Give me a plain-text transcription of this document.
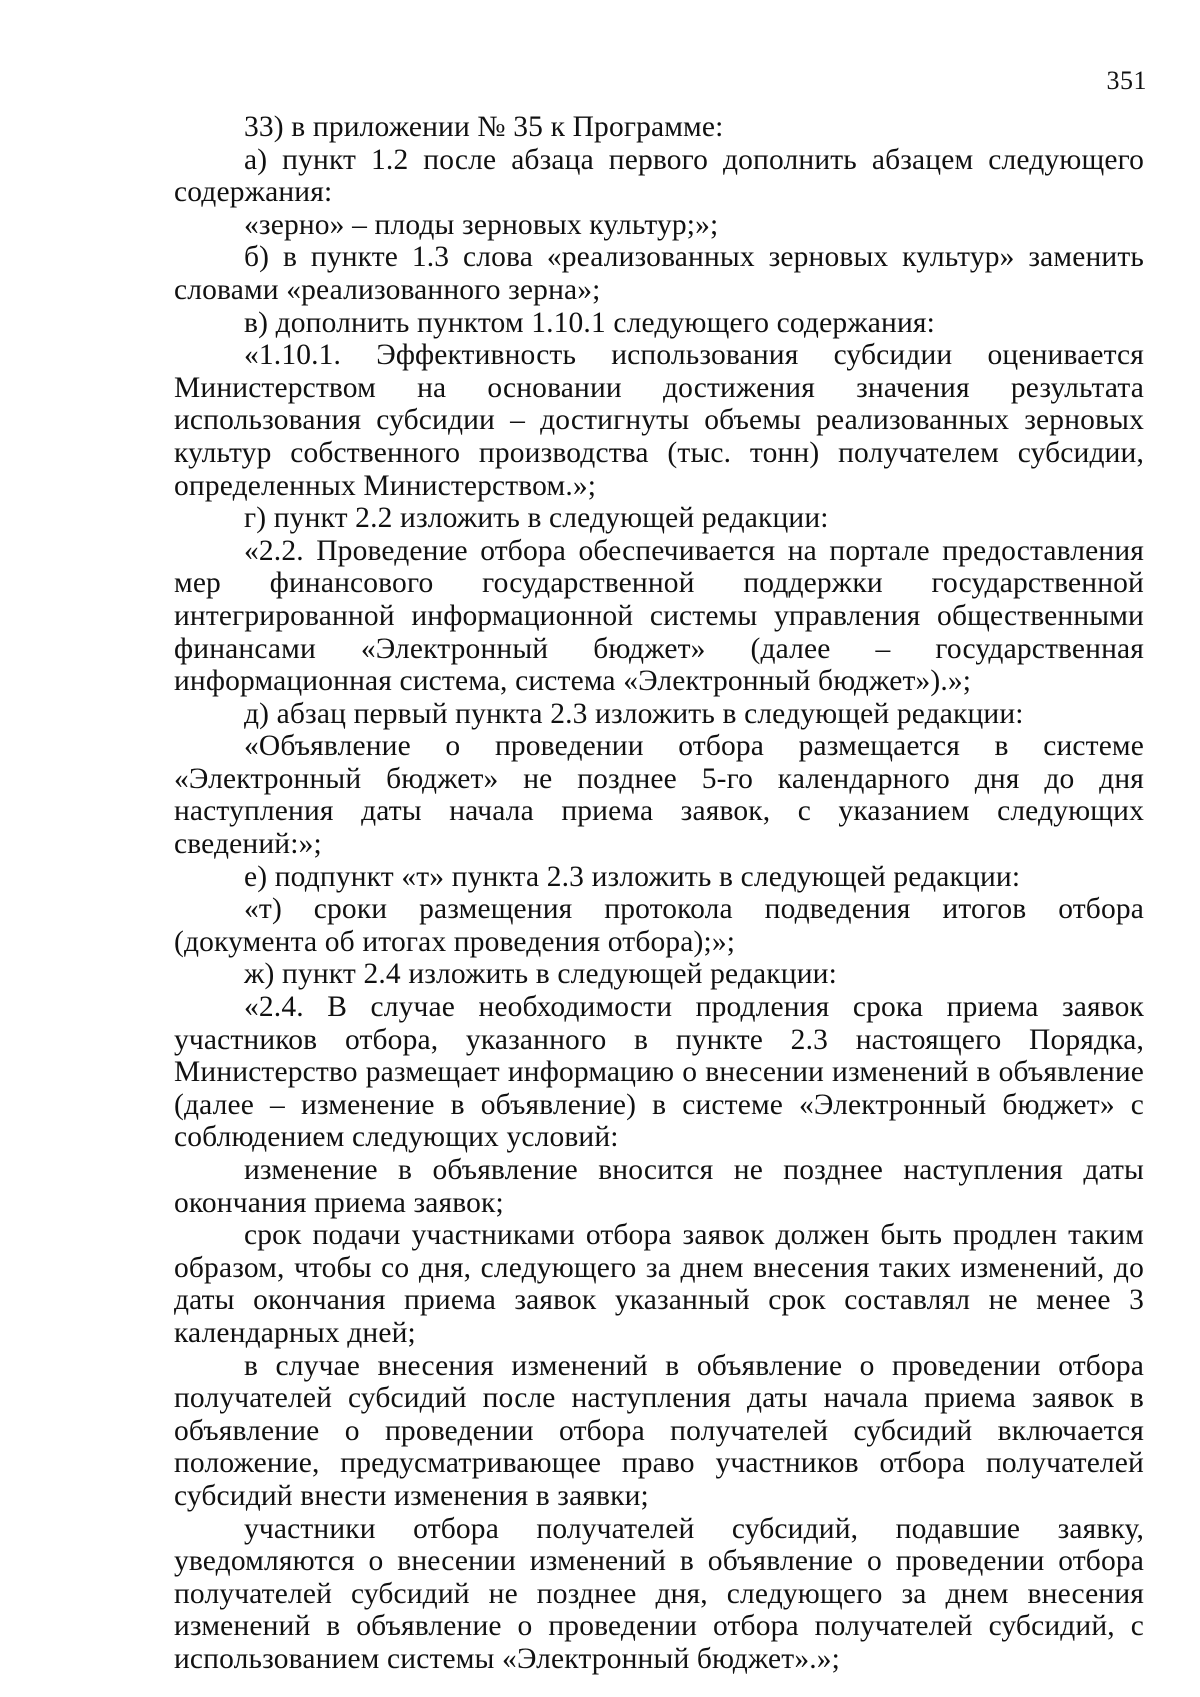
351

33) в приложении № 35 к Программе:

а) пункт 1.2 после абзаца первого дополнить абзацем следующего содержания:

«зерно» – плоды зерновых культур;»;

б) в пункте 1.3 слова «реализованных зерновых культур» заменить словами «реализованного зерна»;

в) дополнить пунктом 1.10.1 следующего содержания:

«1.10.1. Эффективность использования субсидии оценивается Министерством на основании достижения значения результата использования субсидии – достигнуты объемы реализованных зерновых культур собственного производства (тыс. тонн) получателем субсидии, определенных Министерством.»;

г) пункт 2.2 изложить в следующей редакции:

«2.2. Проведение отбора обеспечивается на портале предоставления мер финансового государственной поддержки государственной интегрированной информационной системы управления общественными финансами «Электронный бюджет» (далее – государственная информационная система, система «Электронный бюджет»).»;

д) абзац первый пункта 2.3 изложить в следующей редакции:

«Объявление о проведении отбора размещается в системе «Электронный бюджет» не позднее 5-го календарного дня до дня наступления даты начала приема заявок, с указанием следующих сведений:»;

е) подпункт «т» пункта 2.3 изложить в следующей редакции:

«т) сроки размещения протокола подведения итогов отбора (документа об итогах проведения отбора);»;

ж) пункт 2.4 изложить в следующей редакции:

«2.4. В случае необходимости продления срока приема заявок участников отбора, указанного в пункте 2.3 настоящего Порядка, Министерство размещает информацию о внесении изменений в объявление (далее – изменение в объявление) в системе «Электронный бюджет» с соблюдением следующих условий:

изменение в объявление вносится не позднее наступления даты окончания приема заявок;

срок подачи участниками отбора заявок должен быть продлен таким образом, чтобы со дня, следующего за днем внесения таких изменений, до даты окончания приема заявок указанный срок составлял не менее 3 календарных дней;

в случае внесения изменений в объявление о проведении отбора получателей субсидий после наступления даты начала приема заявок в объявление о проведении отбора получателей субсидий включается положение, предусматривающее право участников отбора получателей субсидий внести изменения в заявки;

участники отбора получателей субсидий, подавшие заявку, уведомляются о внесении изменений в объявление о проведении отбора получателей субсидий не позднее дня, следующего за днем внесения изменений в объявление о проведении отбора получателей субсидий, с использованием системы «Электронный бюджет».»;
